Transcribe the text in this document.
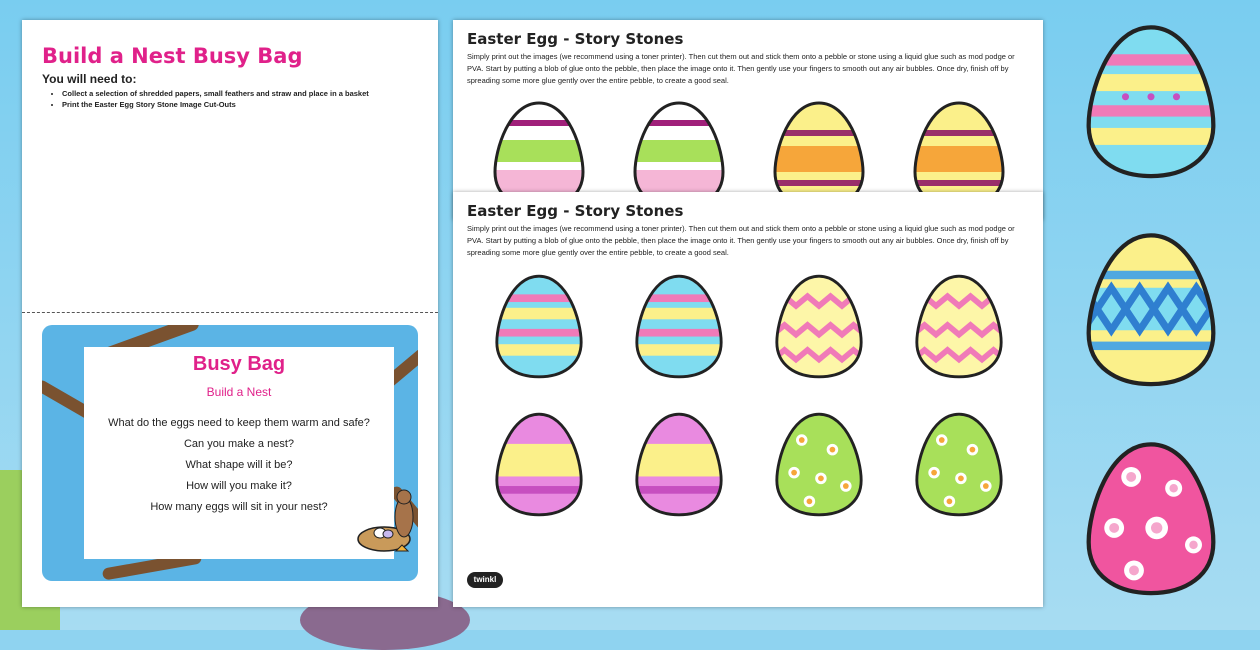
Build a Nest Busy Bag
You will need to:
• Collect a selection of shredded papers, small feathers and straw and place in a basket
• Print the Easter Egg Story Stone Image Cut-Outs
Busy Bag
Build a Nest
What do the eggs need to keep them warm and safe?
Can you make a nest?
What shape will it be?
How will you make it?
How many eggs will sit in your nest?
Easter Egg - Story Stones
Simply print out the images (we recommend using a toner printer). Then cut them out and stick them onto a pebble or stone using a liquid glue such as mod podge or PVA. Start by putting a blob of glue onto the pebble, then place the image onto it. Then gently use your fingers to smooth out any air bubbles. Once dry, finish off by spreading some more glue gently over the entire pebble, to create a good seal.
Easter Egg - Story Stones
Simply print out the images (we recommend using a toner printer). Then cut them out and stick them onto a pebble or stone using a liquid glue such as mod podge or PVA. Start by putting a blob of glue onto the pebble, then place the image onto it. Then gently use your fingers to smooth out any air bubbles. Once dry, finish off by spreading some more glue gently over the entire pebble, to create a good seal.
twinkl
